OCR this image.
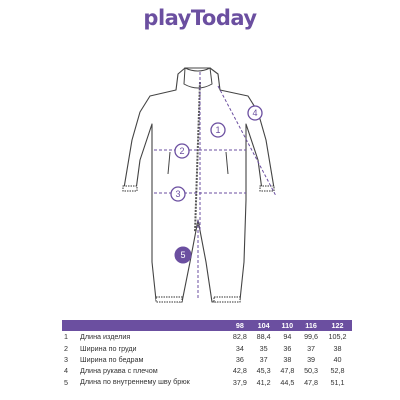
playToday
1
2
3
4
5
		98	104	110	116	122
1	Длина изделия	82,8	88,4	94	99,6	105,2
2	Ширина по груди	34	35	36	37	38
3	Ширина по бедрам	36	37	38	39	40
4	Длина рукава с плечом	42,8	45,3	47,8	50,3	52,8
5	Длина по внутреннему шву брюк	37,9	41,2	44,5	47,8	51,1
